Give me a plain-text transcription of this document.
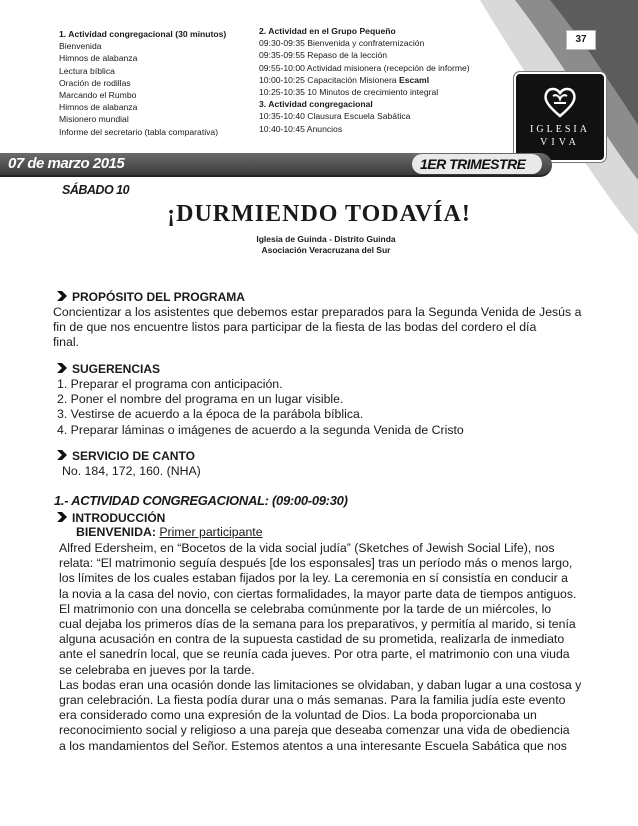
37
IGLESIA
VIVA
1. Actividad congregacional (30 minutos)
Bienvenida
Himnos de alabanza
Lectura bíblica
Oración de rodillas
Marcando el Rumbo
Himnos de alabanza
Misionero mundial
Informe del secretario (tabla comparativa)
2. Actividad en el Grupo Pequeño
09:30-09:35 Bienvenida y confraternización
09:35-09:55 Repaso de la lección
09:55-10:00 Actividad misionera (recepción de informe)
10:00-10:25 Capacitación Misionera Escaml
10:25-10:35 10 Minutos de crecimiento integral
3. Actividad congregacional
10:35-10:40 Clausura Escuela Sabática
10:40-10:45 Anuncios
07 de marzo 2015	1ER TRIMESTRE
SÁBADO 10
¡DURMIENDO TODAVÍA!
Iglesia de Guinda - Distrito Guinda
Asociación Veracruzana del Sur
PROPÓSITO DEL PROGRAMA
Concientizar a los asistentes que debemos estar preparados para la Segunda Venida de Jesús a
fin de que nos encuentre listos para participar de la fiesta de las bodas del cordero el día
final.
SUGERENCIAS
1. Preparar el programa con anticipación.
2. Poner el nombre del programa en un lugar visible.
3. Vestirse de acuerdo a la época de la parábola bíblica.
4. Preparar láminas o imágenes de acuerdo a la segunda Venida de Cristo
SERVICIO DE CANTO
No. 184, 172, 160. (NHA)
1.- ACTIVIDAD CONGREGACIONAL: (09:00-09:30)
INTRODUCCIÓN
BIENVENIDA: Primer participante
Alfred Edersheim, en “Bocetos de la vida social judía” (Sketches of Jewish Social Life), nos
relata: “El matrimonio seguía después [de los esponsales] tras un período más o menos largo,
los límites de los cuales estaban fijados por la ley. La ceremonia en sí consistía en conducir a
la novia a la casa del novio, con ciertas formalidades, la mayor parte data de tiempos antiguos.
El matrimonio con una doncella se celebraba comúnmente por la tarde de un miércoles, lo
cual dejaba los primeros días de la semana para los preparativos, y permitía al marido, si tenía
alguna acusación en contra de la supuesta castidad de su prometida, realizarla de inmediato
ante el sanedrín local, que se reunía cada jueves. Por otra parte, el matrimonio con una viuda
se celebraba en jueves por la tarde.
Las bodas eran una ocasión donde las limitaciones se olvidaban, y daban lugar a una costosa y
gran celebración. La fiesta podía durar una o más semanas. Para la familia judía este evento
era considerado como una expresión de la voluntad de Dios. La boda proporcionaba un
reconocimiento social y religioso a una pareja que deseaba comenzar una vida de obediencia
a los mandamientos del Señor. Estemos atentos a una interesante Escuela Sabática que nos
